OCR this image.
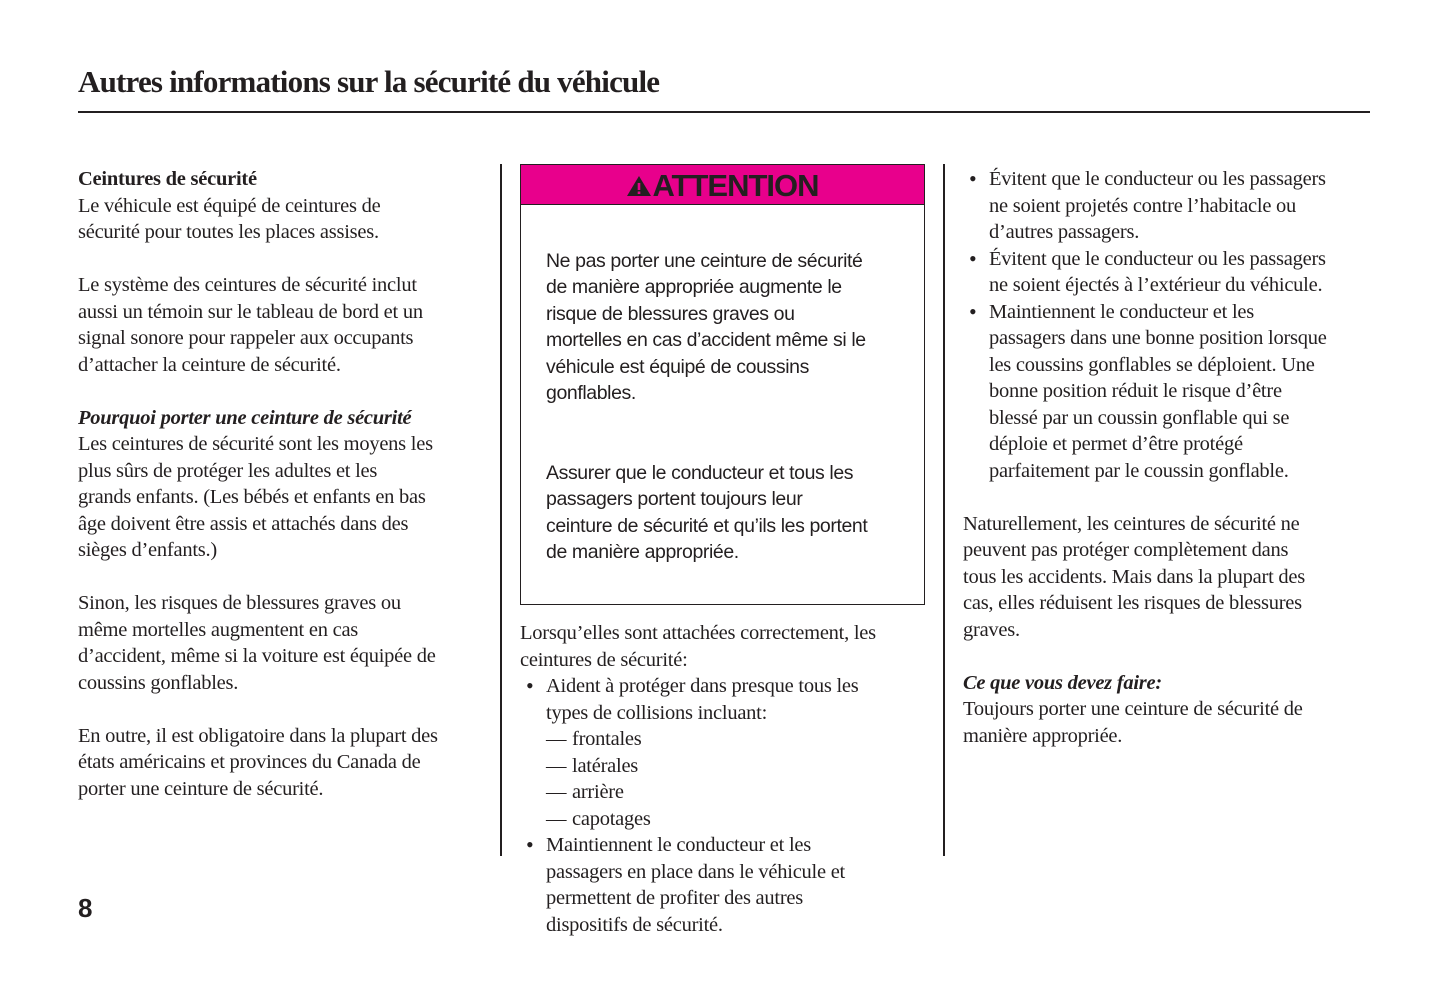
Autres informations sur la sécurité du véhicule
Ceintures de sécurité
Le véhicule est équipé de ceintures de
sécurité pour toutes les places assises.
Le système des ceintures de sécurité inclut
aussi un témoin sur le tableau de bord et un
signal sonore pour rappeler aux occupants
d’attacher la ceinture de sécurité.
Pourquoi porter une ceinture de sécurité
Les ceintures de sécurité sont les moyens les
plus sûrs de protéger les adultes et les
grands enfants. (Les bébés et enfants en bas
âge doivent être assis et attachés dans des
sièges d’enfants.)
Sinon, les risques de blessures graves ou
même mortelles augmentent en cas
d’accident, même si la voiture est équipée de
coussins gonflables.
En outre, il est obligatoire dans la plupart des
états américains et provinces du Canada de
porter une ceinture de sécurité.
ATTENTION

Ne pas porter une ceinture de sécurité
de manière appropriée augmente le
risque de blessures graves ou
mortelles en cas d’accident même si le
véhicule est équipé de coussins
gonflables.

Assurer que le conducteur et tous les
passagers portent toujours leur
ceinture de sécurité et qu’ils les portent
de manière appropriée.

Lorsqu’elles sont attachées correctement, les
ceintures de sécurité:
• Aident à protéger dans presque tous les
types de collisions incluant:
— frontales
— latérales
— arrière
— capotages
• Maintiennent le conducteur et les
passagers en place dans le véhicule et
permettent de profiter des autres
dispositifs de sécurité.
• Évitent que le conducteur ou les passagers
ne soient projetés contre l’habitacle ou
d’autres passagers.
• Évitent que le conducteur ou les passagers
ne soient éjectés à l’extérieur du véhicule.
• Maintiennent le conducteur et les
passagers dans une bonne position lorsque
les coussins gonflables se déploient. Une
bonne position réduit le risque d’être
blessé par un coussin gonflable qui se
déploie et permet d’être protégé
parfaitement par le coussin gonflable.
Naturellement, les ceintures de sécurité ne
peuvent pas protéger complètement dans
tous les accidents. Mais dans la plupart des
cas, elles réduisent les risques de blessures
graves.
Ce que vous devez faire:
Toujours porter une ceinture de sécurité de
manière appropriée.
8
